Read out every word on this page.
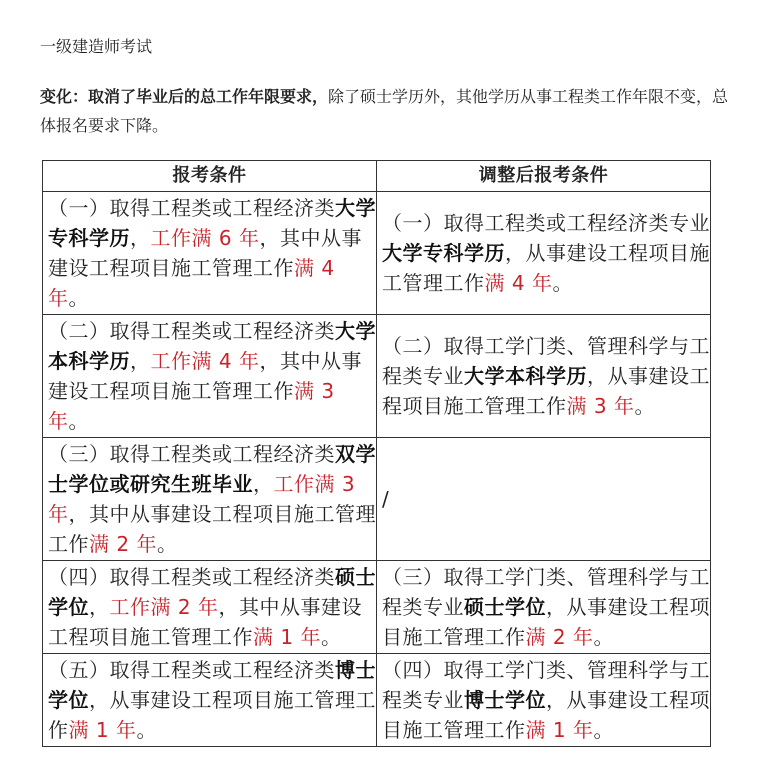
一级建造师考试

变化：取消了毕业后的总工作年限要求，除了硕士学历外，其他学历从事工程类工作年限不变，总体报名要求下降。

报考条件	调整后报考条件
（一）取得工程类或工程经济类大学专科学历，工作满 6 年，其中从事建设工程项目施工管理工作满 4 年。	（一）取得工程类或工程经济类专业大学专科学历，从事建设工程项目施工管理工作满 4 年。
（二）取得工程类或工程经济类大学本科学历，工作满 4 年，其中从事建设工程项目施工管理工作满 3 年。	（二）取得工学门类、管理科学与工程类专业大学本科学历，从事建设工程项目施工管理工作满 3 年。
（三）取得工程类或工程经济类双学士学位或研究生班毕业，工作满 3 年，其中从事建设工程项目施工管理工作满 2 年。	/
（四）取得工程类或工程经济类硕士学位，工作满 2 年，其中从事建设工程项目施工管理工作满 1 年。	（三）取得工学门类、管理科学与工程类专业硕士学位，从事建设工程项目施工管理工作满 2 年。
（五）取得工程类或工程经济类博士学位，从事建设工程项目施工管理工作满 1 年。	（四）取得工学门类、管理科学与工程类专业博士学位，从事建设工程项目施工管理工作满 1 年。
